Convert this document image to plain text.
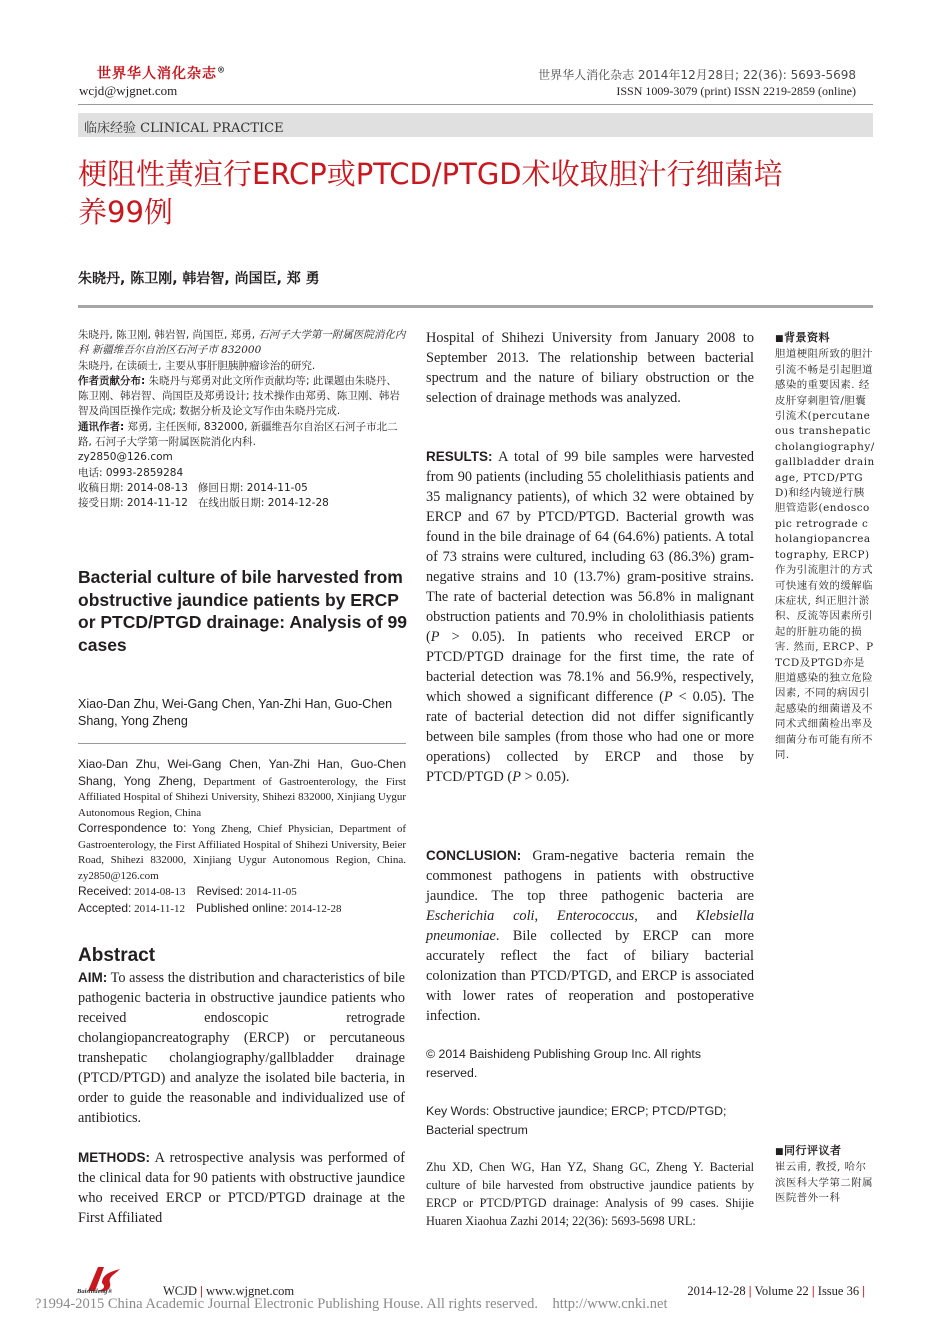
世界华人消化杂志®
wcjd@wjgnet.com
世界华人消化杂志 2014年12月28日; 22(36): 5693-5698
ISSN 1009-3079 (print) ISSN 2219-2859 (online)
临床经验 CLINICAL PRACTICE
梗阻性黄疸行ERCP或PTCD/PTGD术收取胆汁行细菌培
养99例
朱晓丹, 陈卫刚, 韩岩智, 尚国臣, 郑 勇

朱晓丹, 陈卫刚, 韩岩智, 尚国臣, 郑勇, 石河子大学第一附属医院消化内科 新疆维吾尔自治区石河子市 832000

朱晓丹, 在读硕士, 主要从事肝胆胰肿瘤诊治的研究.

作者贡献分布: 朱晓丹与郑勇对此文所作贡献均等; 此课题由朱晓丹、陈卫刚、韩岩智、尚国臣及郑勇设计; 技术操作由郑勇、陈卫刚、韩岩智及尚国臣操作完成; 数据分析及论文写作由朱晓丹完成.

通讯作者: 郑勇, 主任医师, 832000, 新疆维吾尔自治区石河子市北二路, 石河子大学第一附属医院消化内科.

zy2850@126.com

电话: 0993-2859284

收稿日期: 2014-08-13   修回日期: 2014-11-05

接受日期: 2014-11-12   在线出版日期: 2014-12-28

Bacterial culture of bile harvested from obstructive jaundice patients by ERCP or PTCD/PTGD drainage: Analysis of 99 cases
Xiao-Dan Zhu, Wei-Gang Chen, Yan-Zhi Han, Guo-Chen Shang, Yong Zheng
Xiao-Dan Zhu, Wei-Gang Chen, Yan-Zhi Han, Guo-Chen Shang, Yong Zheng, Department of Gastroenterology, the First Affiliated Hospital of Shihezi University, Shihezi 832000, Xinjiang Uygur Autonomous Region, China
Correspondence to: Yong Zheng, Chief Physician, Department of Gastroenterology, the First Affiliated Hospital of Shihezi University, Beier Road, Shihezi 832000, Xinjiang Uygur Autonomous Region, China. zy2850@126.com
Received: 2014-08-13 Revised: 2014-11-05
Accepted: 2014-11-12 Published online: 2014-12-28
Abstract

AIM: To assess the distribution and characteristics of bile pathogenic bacteria in obstructive jaundice patients who received endoscopic retrograde cholangiopancreatography (ERCP) or percutaneous transhepatic cholangiography/gallbladder drainage (PTCD/PTGD) and analyze the isolated bile bacteria, in order to guide the reasonable and individualized use of antibiotics.

METHODS: A retrospective analysis was performed of the clinical data for 90 patients with obstructive jaundice who received ERCP or PTCD/PTGD drainage at the First Affiliated

Hospital of Shihezi University from January 2008 to September 2013. The relationship between bacterial spectrum and the nature of biliary obstruction or the selection of drainage methods was analyzed.

RESULTS: A total of 99 bile samples were harvested from 90 patients (including 55 cholelithiasis patients and 35 malignancy patients), of which 32 were obtained by ERCP and 67 by PTCD/PTGD. Bacterial growth was found in the bile drainage of 64 (64.6%) patients. A total of 73 strains were cultured, including 63 (86.3%) gram-negative strains and 10 (13.7%) gram-positive strains. The rate of bacterial detection was 56.8% in malignant obstruction patients and 70.9% in chololithiasis patients (P > 0.05). In patients who received ERCP or PTCD/PTGD drainage for the first time, the rate of bacterial detection was 78.1% and 56.9%, respectively, which showed a significant difference (P < 0.05). The rate of bacterial detection did not differ significantly between bile samples (from those who had one or more operations) collected by ERCP and those by PTCD/PTGD (P > 0.05).

CONCLUSION: Gram-negative bacteria remain the commonest pathogens in patients with obstructive jaundice. The top three pathogenic bacteria are Escherichia coli, Enterococcus, and Klebsiella pneumoniae. Bile collected by ERCP can more accurately reflect the fact of biliary bacterial colonization than PTCD/PTGD, and ERCP is associated with lower rates of reoperation and postoperative infection.

© 2014 Baishideng Publishing Group Inc. All rights reserved.
Key Words: Obstructive jaundice; ERCP; PTCD/PTGD; Bacterial spectrum
Zhu XD, Chen WG, Han YZ, Shang GC, Zheng Y. Bacterial culture of bile harvested from obstructive jaundice patients by ERCP or PTCD/PTGD drainage: Analysis of 99 cases. Shijie Huaren Xiaohua Zazhi 2014; 22(36): 5693-5698 URL:
■背景资料
胆道梗阻所致的胆汁引流不畅是引起胆道感染的重要因素. 经皮肝穿刺胆管/胆囊引流术(percutaneous transhepatic cholangiography/gallbladder drainage, PTCD/PTGD)和经内镜逆行胰胆管造影(endoscopic retrograde cholangiopancreatography, ERCP)作为引流胆汁的方式可快速有效的缓解临床症状, 纠正胆汁淤积、反流等因素所引起的肝脏功能的损害. 然而, ERCP、PTCD及PTGD亦是胆道感染的独立危险因素, 不同的病因引起感染的细菌谱及不同术式细菌检出率及细菌分布可能有所不同.
■同行评议者
崔云甫, 教授, 哈尔滨医科大学第二附属医院普外一科
Baishideng®	WCJD | www.wjgnet.com	2014-12-28 | Volume 22 | Issue 36 |
?1994-2015 China Academic Journal Electronic Publishing House. All rights reserved.    http://www.cnki.net
